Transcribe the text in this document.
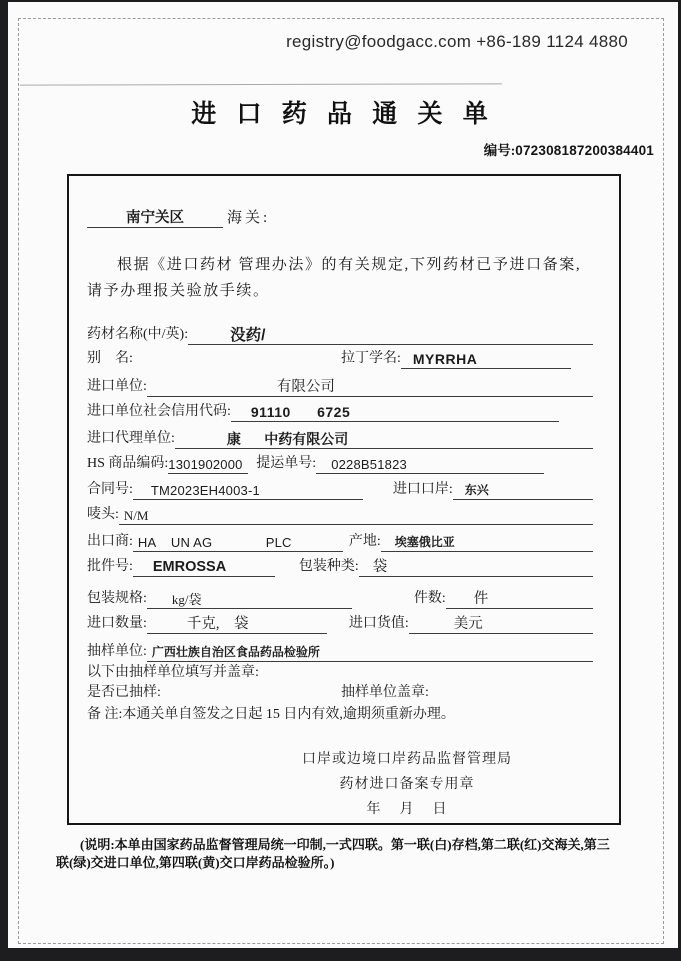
registry@foodgacc.com +86-189 1124 4880
进 口 药 品 通 关 单
编号:072308187200384401
南宁关区	海关:
根据《进口药材 管理办法》的有关规定,下列药材已予进口备案,请予办理报关验放手续。
药材名称(中/英):	没药/
别    名:	拉丁学名: MYRRHA
进口单位:	有限公司
进口单位社会信用代码: 91110      6725
进口代理单位:	康      中药有限公司
HS 商品编码: 1301902000 提运单号: 0228B51823
合同号: TM2023EH4003-1	进口口岸: 东兴
唛头: N/M
出口商: HA    UN AG              PLC	产地: 埃塞俄比亚
批件号: EMROSSA	包装种类: 袋
包装规格: kg/袋	件数: 件
进口数量:	千克,    袋	进口货值:	美元
抽样单位: 广西壮族自治区食品药品检验所
以下由抽样单位填写并盖章:
是否已抽样:	抽样单位盖章:
备 注: 本通关单自签发之日起 15 日内有效,逾期须重新办理。
口岸或边境口岸药品监督管理局
药材进口备案专用章
年    月    日
(说明:本单由国家药品监督管理局统一印制,一式四联。第一联(白)存档,第二联(红)交海关,第三联(绿)交进口单位,第四联(黄)交口岸药品检验所。)
